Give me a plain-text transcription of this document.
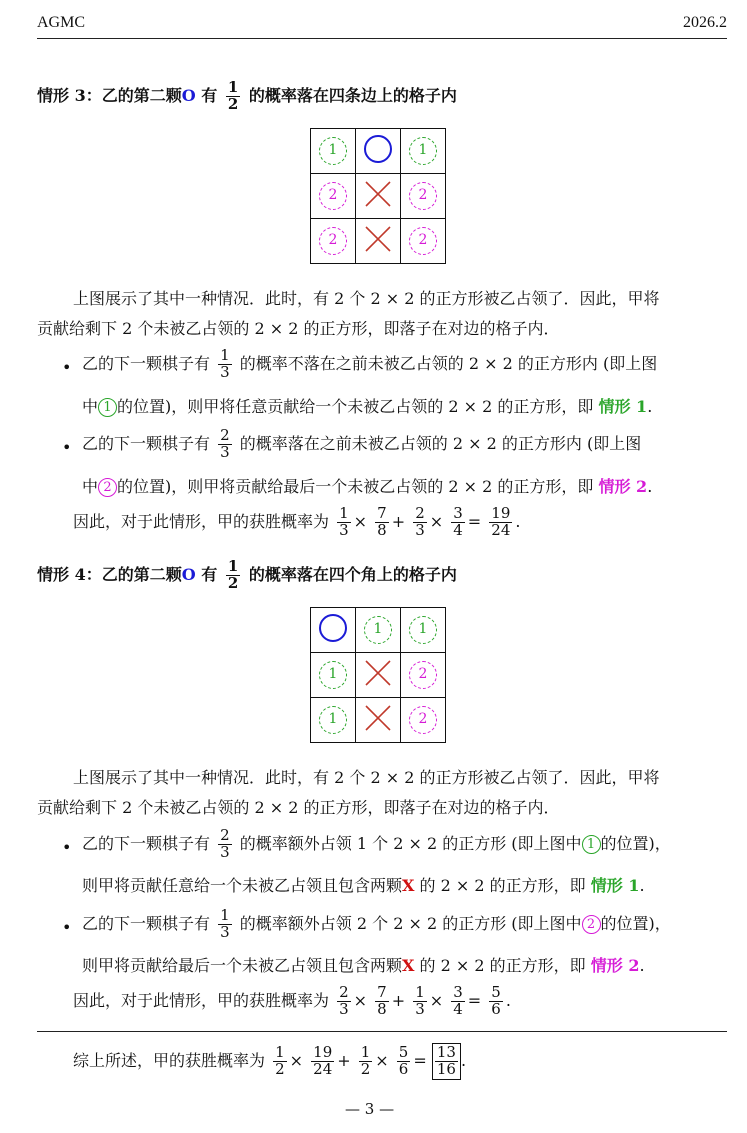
AGMC	2026.2
情形 3：乙的第二颗O 有 $\frac{1}{2}$ 的概率落在四条边上的格子内
1		1
2		2
2		2
上图展示了其中一种情况．此时，有 2 个 2 × 2 的正方形被乙占领了．因此，甲将
贡献给剩下 2 个未被乙占领的 2 × 2 的正方形，即落子在对边的格子内．
• 乙的下一颗棋子有 $\frac{1}{3}$ 的概率不落在之前未被乙占领的 2 × 2 的正方形内 (即上图
中 1 的位置)，则甲将任意贡献给一个未被乙占领的 2 × 2 的正方形，即 情形 1.
• 乙的下一颗棋子有 $\frac{2}{3}$ 的概率落在之前未被乙占领的 2 × 2 的正方形内 (即上图
中 2 的位置)，则甲将贡献给最后一个未被乙占领的 2 × 2 的正方形，即 情形 2.
因此，对于此情形，甲的获胜概率为 $\frac{1}{3} \times \frac{7}{8} + \frac{2}{3} \times \frac{3}{4} = \frac{19}{24}$ .
情形 4：乙的第二颗O 有 $\frac{1}{2}$ 的概率落在四个角上的格子内
	1	1
1		2
1		2
上图展示了其中一种情况．此时，有 2 个 2 × 2 的正方形被乙占领了．因此，甲将
贡献给剩下 2 个未被乙占领的 2 × 2 的正方形，即落子在对边的格子内．
• 乙的下一颗棋子有 $\frac{2}{3}$ 的概率额外占领 1 个 2 × 2 的正方形 (即上图中 1 的位置)，
则甲将贡献任意给一个未被乙占领且包含两颗X 的 2 × 2 的正方形，即 情形 1.
• 乙的下一颗棋子有 $\frac{1}{3}$ 的概率额外占领 2 个 2 × 2 的正方形 (即上图中 2 的位置)，
则甲将贡献给最后一个未被乙占领且包含两颗X 的 2 × 2 的正方形，即 情形 2.
因此，对于此情形，甲的获胜概率为 $\frac{2}{3} \times \frac{7}{8} + \frac{1}{3} \times \frac{3}{4} = \frac{5}{6}$ .
综上所述，甲的获胜概率为 $\frac{1}{2} \times \frac{19}{24} + \frac{1}{2} \times \frac{5}{6} = \frac{13}{16}$ .
— 3 —
